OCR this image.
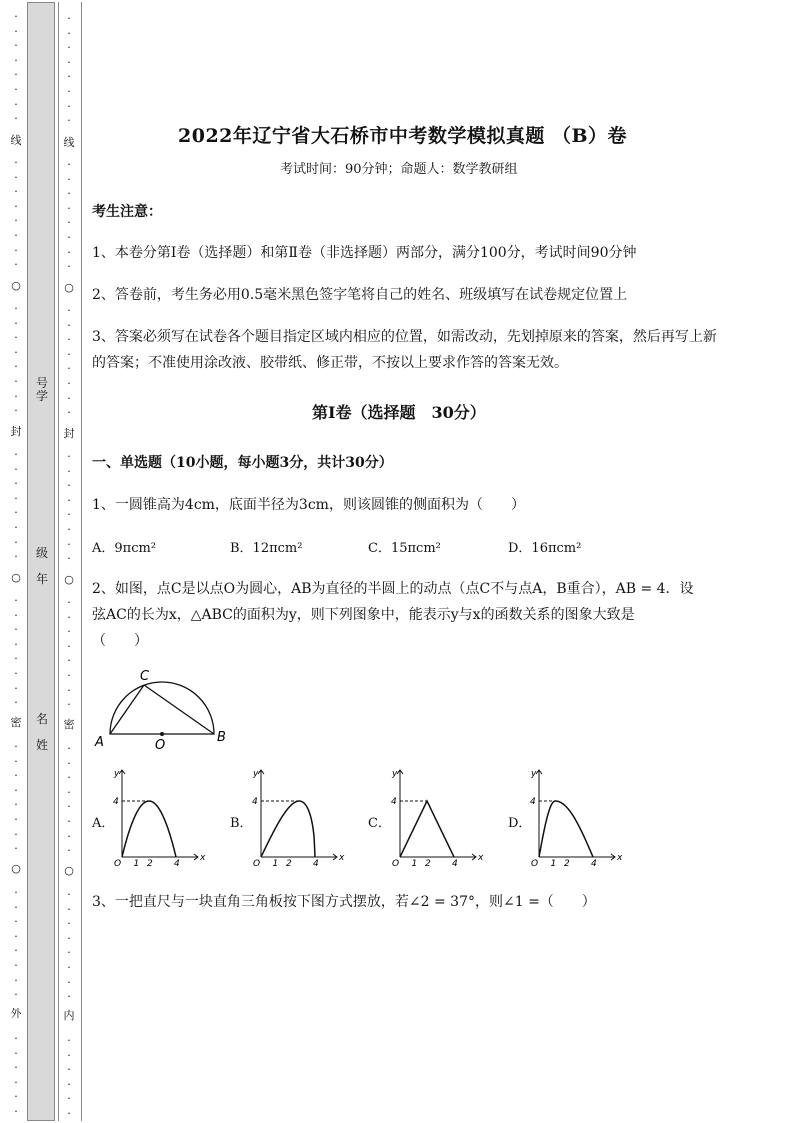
·
·
·
·
·
·
·
·
·
·
·
·
·
·
·
·
·
·
·
·
·
·
·
·
·
·
·
·
·
·
·
·
·
·
·
·
·
·
·
·
·
·
·
·
·
·
·
·
·
·
·
·
·
·
·
·
·
·
·
·
·
·
线
○
封
○
密
○
外
号
学
级

年
名

姓
·
·
·
·
·
·
·
·
·
·
·
·
·
·
·
·
·
·
·
·
·
·
·
·
·
·
·
·
·
·
·
·
·
·
·
·
·
·
·
·
·
·
·
·
·
·
·
·
·
·
·
·
·
·
·
·
·
·
·
·
·
·
线
○
封
○
密
○
内
2022年辽宁省大石桥市中考数学模拟真题 （B）卷
考试时间：90分钟；命题人：数学教研组
考生注意：
1、本卷分第I卷（选择题）和第Ⅱ卷（非选择题）两部分，满分100分，考试时间90分钟
2、答卷前，考生务必用0.5毫米黑色签字笔将自己的姓名、班级填写在试卷规定位置上
3、答案必须写在试卷各个题目指定区域内相应的位置，如需改动，先划掉原来的答案，然后再写上新
的答案；不准使用涂改液、胶带纸、修正带，不按以上要求作答的答案无效。
第I卷（选择题　30分）
一、单选题（10小题，每小题3分，共计30分）
1、一圆锥高为4cm，底面半径为3cm，则该圆锥的侧面积为（　　）
A．9πcm²	B．12πcm²	C．15πcm²	D．16πcm²
2、如图，点C是以点O为圆心，AB为直径的半圆上的动点（点C不与点A，B重合），AB = 4．设
弦AC的长为x，△ABC的面积为y，则下列图象中，能表示y与x的函数关系的图象大致是
（　　）
A	B
C
O
A．	B．	C．	D．
y
x
O 1 2 4
4
y
x
O 1 2 4
4
y
x
O 1 2 4
4
y
x
O 1 2 4
4
3、一把直尺与一块直角三角板按下图方式摆放，若∠2 = 37°，则∠1 =（　　）
